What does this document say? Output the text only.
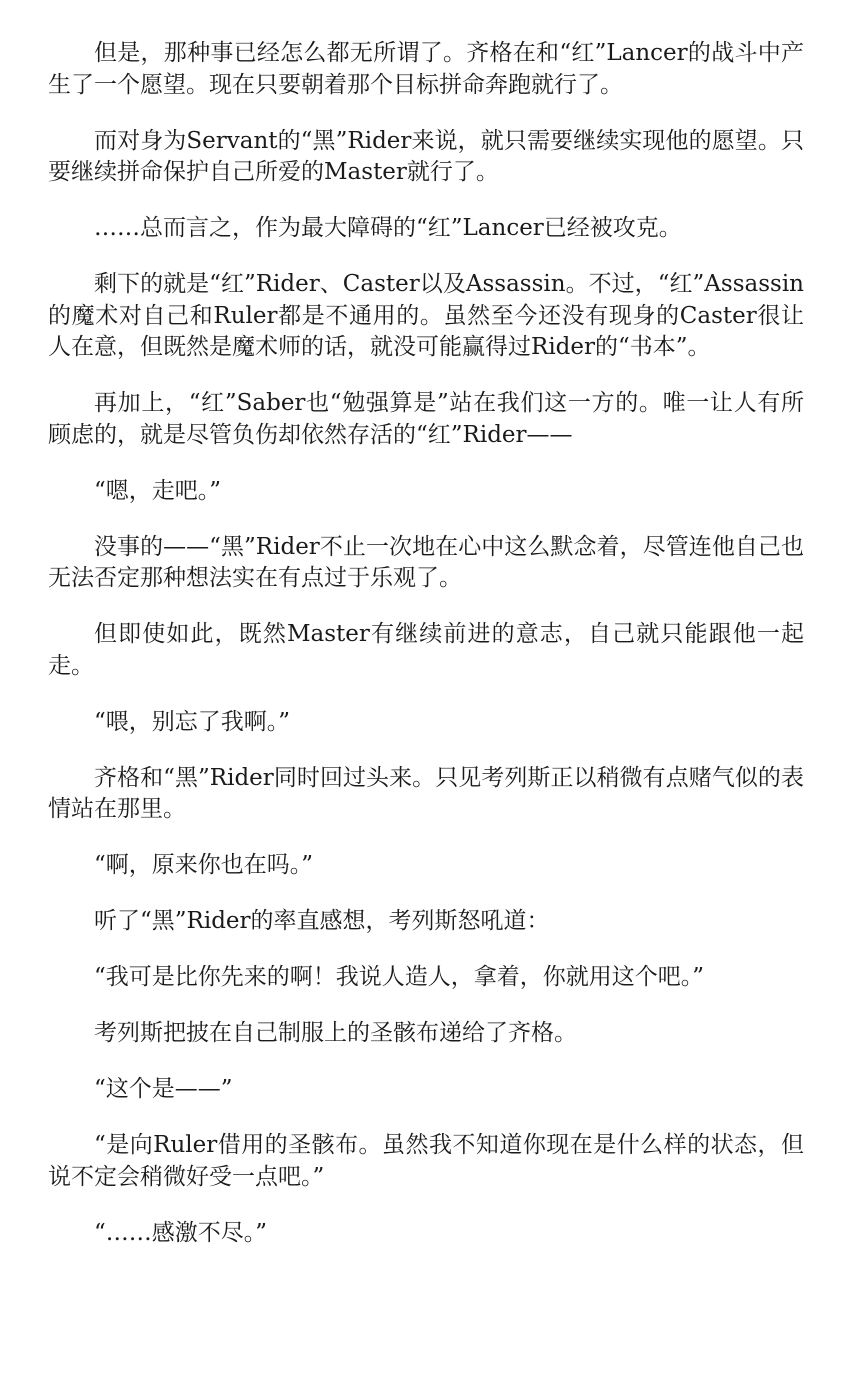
但是，那种事已经怎么都无所谓了。齐格在和“红”Lancer的战斗中产生了一个愿望。现在只要朝着那个目标拼命奔跑就行了。

而对身为Servant的“黑”Rider来说，就只需要继续实现他的愿望。只要继续拼命保护自己所爱的Master就行了。

……总而言之，作为最大障碍的“红”Lancer已经被攻克。

剩下的就是“红”Rider、Caster以及Assassin。不过，“红”Assassin的魔术对自己和Ruler都是不通用的。虽然至今还没有现身的Caster很让人在意，但既然是魔术师的话，就没可能赢得过Rider的“书本”。

再加上，“红”Saber也“勉强算是”站在我们这一方的。唯一让人有所顾虑的，就是尽管负伤却依然存活的“红”Rider——

“嗯，走吧。”

没事的——“黑”Rider不止一次地在心中这么默念着，尽管连他自己也无法否定那种想法实在有点过于乐观了。

但即使如此，既然Master有继续前进的意志，自己就只能跟他一起走。

“喂，别忘了我啊。”

齐格和“黑”Rider同时回过头来。只见考列斯正以稍微有点赌气似的表情站在那里。

“啊，原来你也在吗。”

听了“黑”Rider的率直感想，考列斯怒吼道：

“我可是比你先来的啊！我说人造人，拿着，你就用这个吧。”

考列斯把披在自己制服上的圣骸布递给了齐格。

“这个是——”

“是向Ruler借用的圣骸布。虽然我不知道你现在是什么样的状态，但说不定会稍微好受一点吧。”

“……感激不尽。”
